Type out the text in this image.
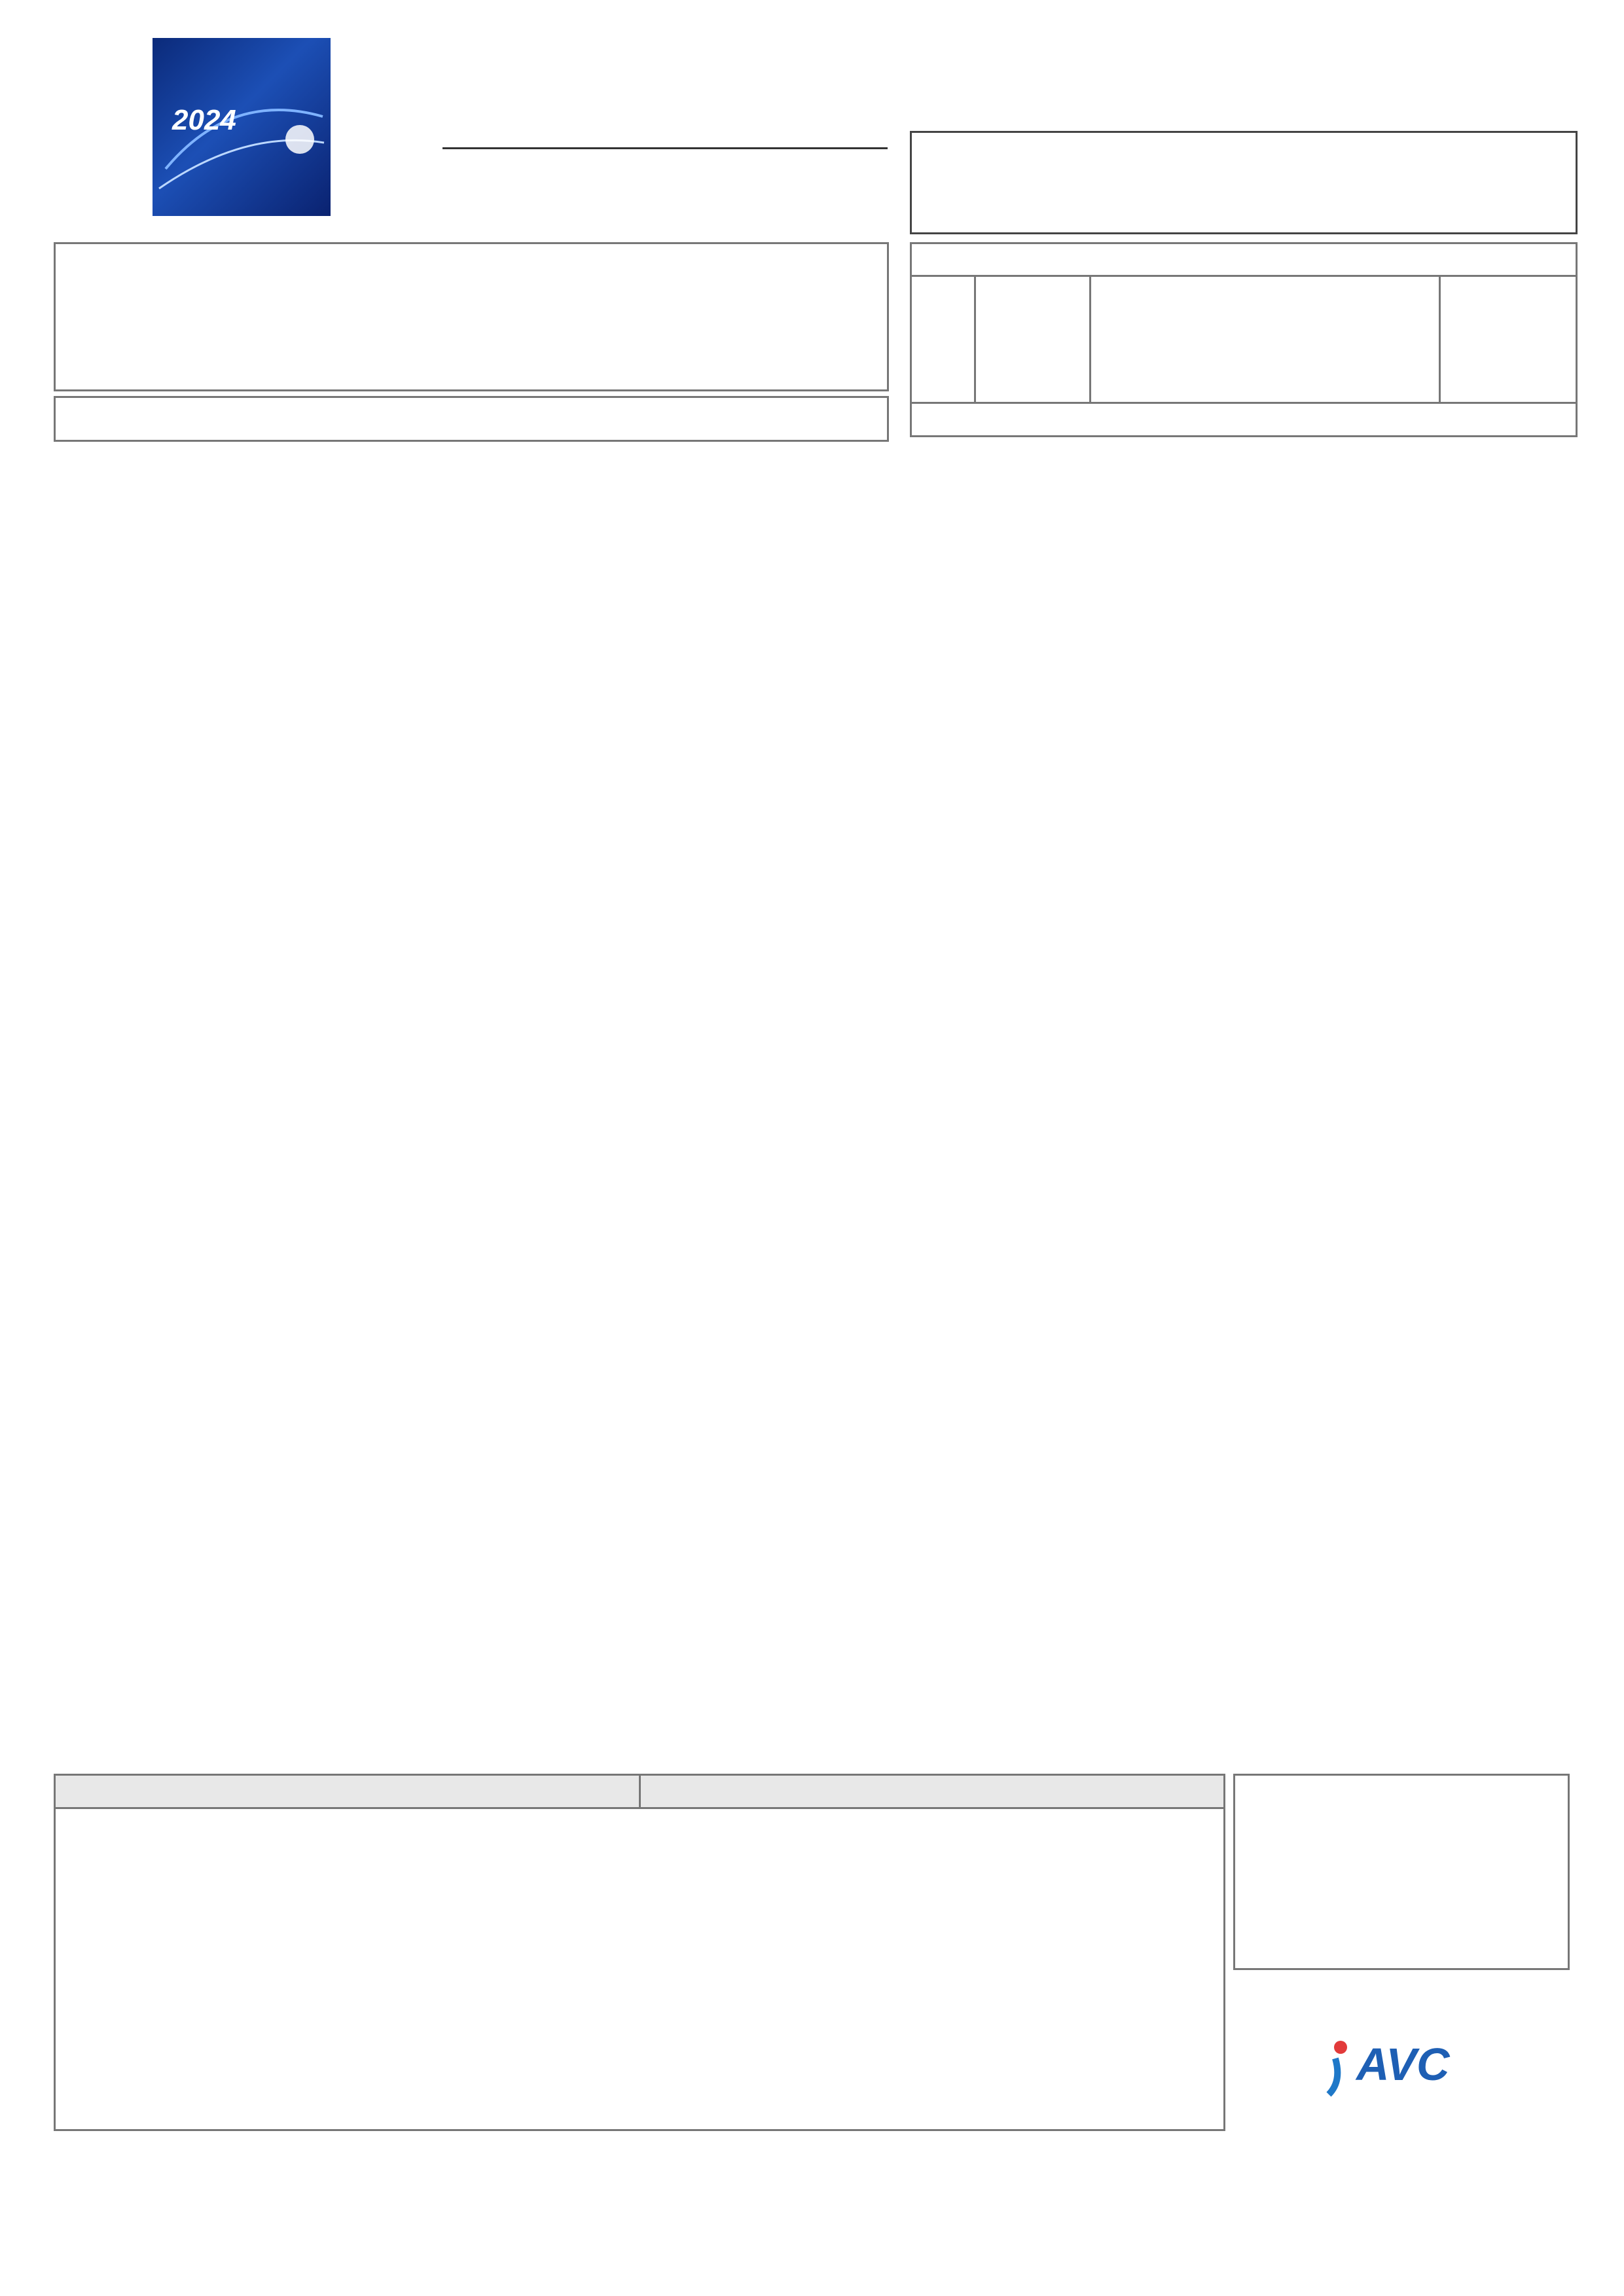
2024
AVC
